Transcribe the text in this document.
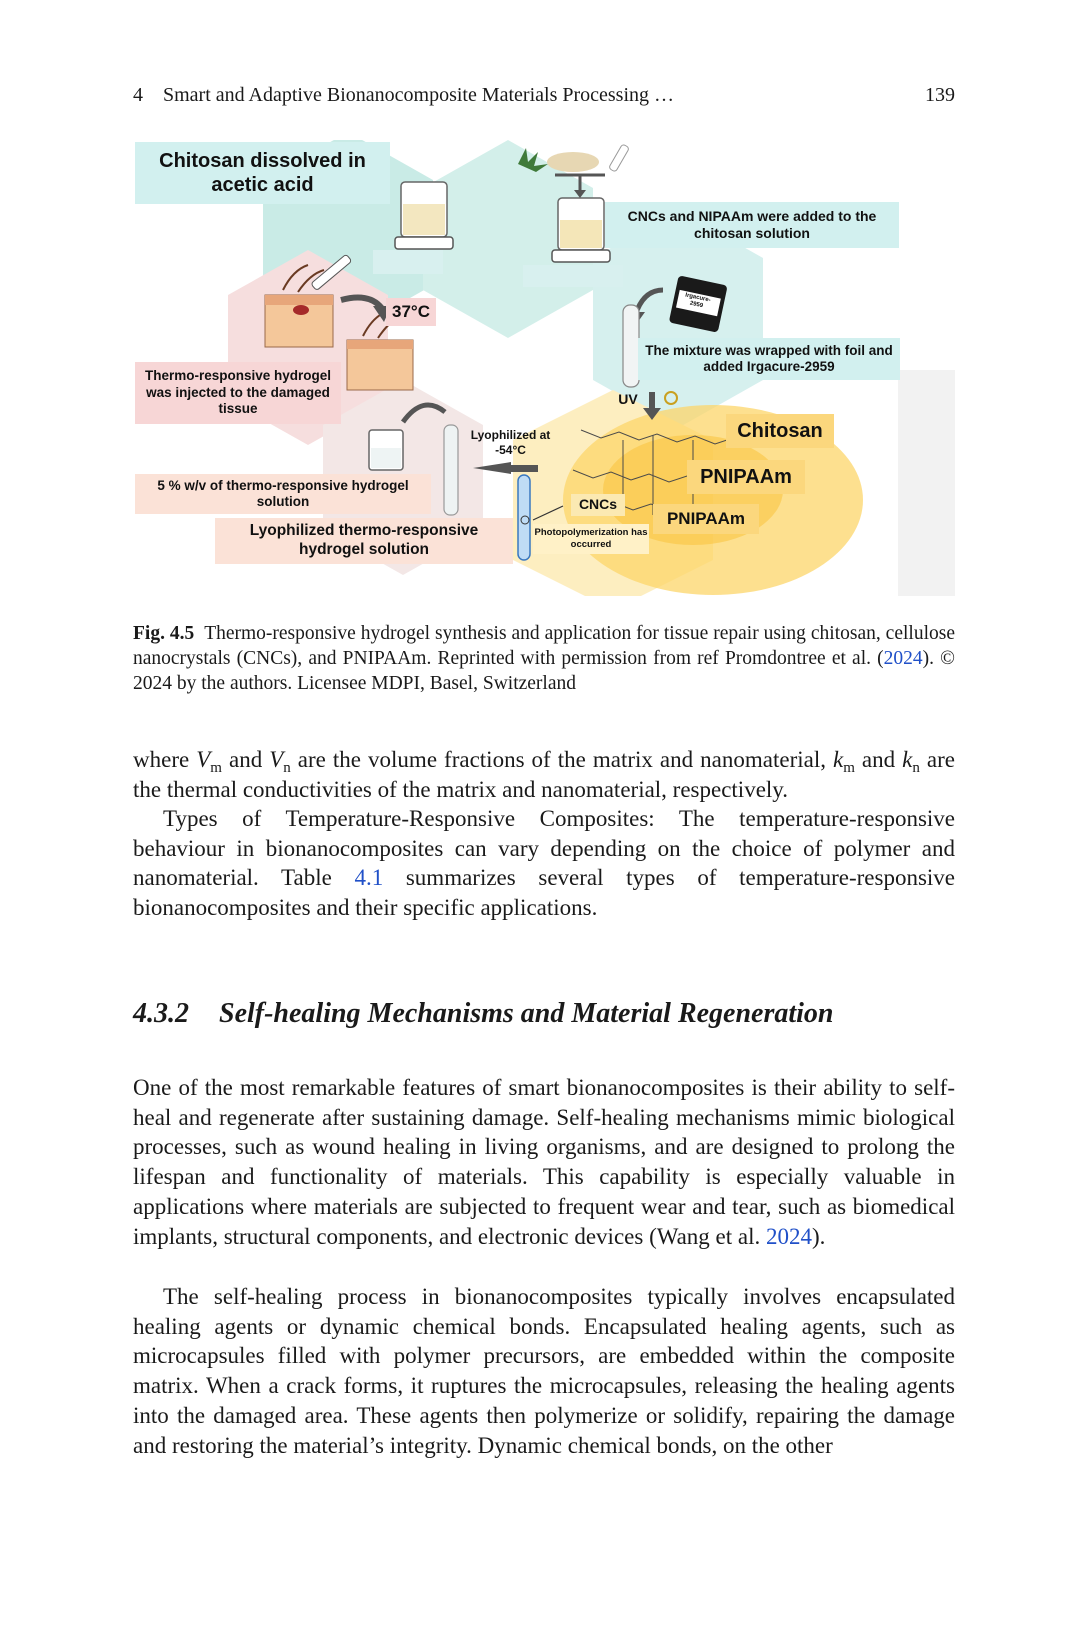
4 Smart and Adaptive Bionanocomposite Materials Processing …	139
Chitosan dissolved in acetic acid
CNCs and NIPAAm were added to the chitosan solution
Irgacure-2959
The mixture was wrapped with foil and added Irgacure-2959
37°C
Thermo-responsive hydrogel was injected to the damaged tissue
UV
Lyophilized at -54°C
Chitosan
PNIPAAm
PNIPAAm
CNCs
5 % w/v of thermo-responsive hydrogel solution
Lyophilized thermo-responsive hydrogel solution
Photopolymerization has occurred
Fig. 4.5 Thermo-responsive hydrogel synthesis and application for tissue repair using chitosan, cellulose nanocrystals (CNCs), and PNIPAAm. Reprinted with permission from ref Promdontree et al. (2024). © 2024 by the authors. Licensee MDPI, Basel, Switzerland

where $V_m$ and $V_n$ are the volume fractions of the matrix and nanomaterial, $k_m$ and $k_n$ are the thermal conductivities of the matrix and nanomaterial, respectively.

Types of Temperature-Responsive Composites: The temperature-responsive behaviour in bionanocomposites can vary depending on the choice of polymer and nanomaterial. Table 4.1 summarizes several types of temperature-responsive bionanocomposites and their specific applications.

4.3.2 Self-healing Mechanisms and Material Regeneration

One of the most remarkable features of smart bionanocomposites is their ability to self-heal and regenerate after sustaining damage. Self-healing mechanisms mimic biological processes, such as wound healing in living organisms, and are designed to prolong the lifespan and functionality of materials. This capability is especially valuable in applications where materials are subjected to frequent wear and tear, such as biomedical implants, structural components, and electronic devices (Wang et al. 2024).

The self-healing process in bionanocomposites typically involves encapsulated healing agents or dynamic chemical bonds. Encapsulated healing agents, such as microcapsules filled with polymer precursors, are embedded within the composite matrix. When a crack forms, it ruptures the microcapsules, releasing the healing agents into the damaged area. These agents then polymerize or solidify, repairing the damage and restoring the material’s integrity. Dynamic chemical bonds, on the other
